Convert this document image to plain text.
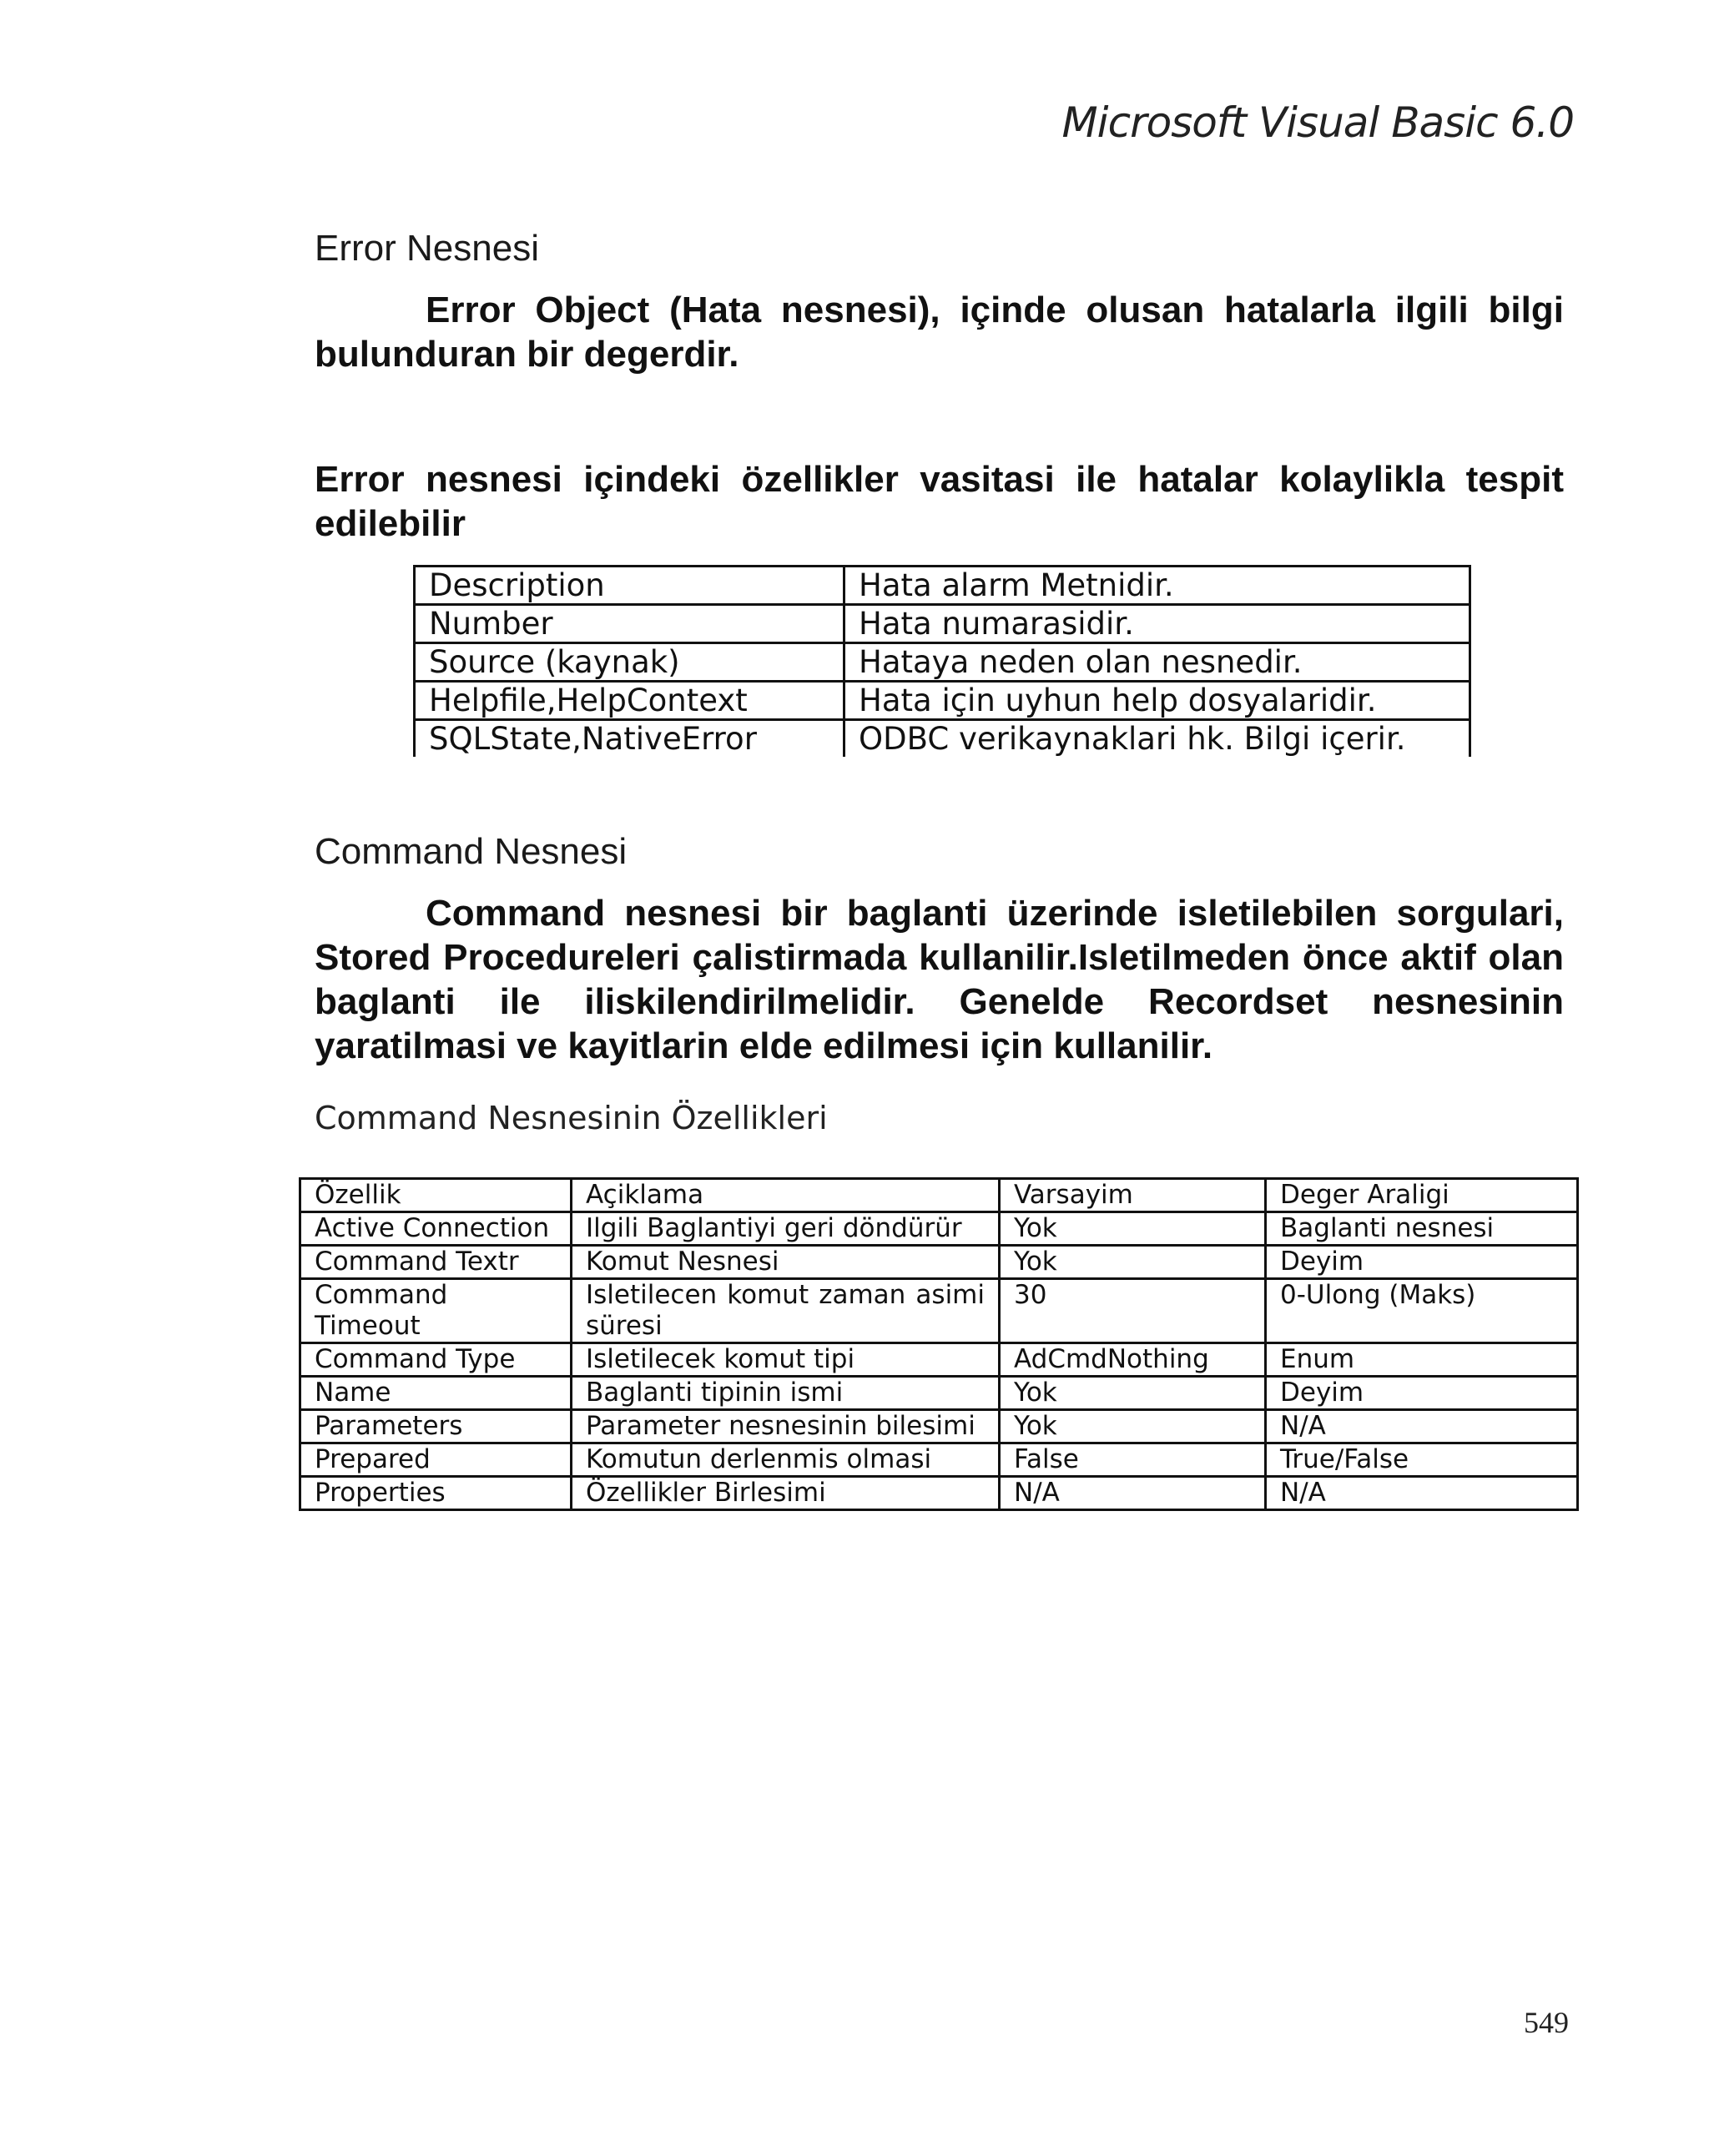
Microsoft Visual Basic 6.0
Error Nesnesi
Error Object (Hata nesnesi), içinde olusan hatalarla ilgili bilgi bulunduran bir degerdir.
Error nesnesi içindeki özellikler vasitasi ile hatalar kolaylikla tespit edilebilir
Description	Hata alarm Metnidir.
Number	Hata numarasidir.
Source (kaynak)	Hataya neden olan nesnedir.
Helpfile,HelpContext	Hata için uyhun help dosyalaridir.
SQLState,NativeError	ODBC verikaynaklari hk. Bilgi içerir.
Command Nesnesi
Command nesnesi bir baglanti üzerinde isletilebilen sorgulari, Stored Procedureleri çalistirmada kullanilir.Isletilmeden önce aktif olan baglanti ile iliskilendirilmelidir. Genelde Recordset nesnesinin yaratilmasi ve kayitlarin elde edilmesi için kullanilir.
Command Nesnesinin Özellikleri
Özellik	Açiklama	Varsayim	Deger Araligi
Active Connection	Ilgili Baglantiyi geri döndürür	Yok	Baglanti nesnesi
Command Textr	Komut Nesnesi	Yok	Deyim
Command Timeout	Isletilecen komut zaman asimi süresi	30	0-Ulong (Maks)
Command Type	Isletilecek komut tipi	AdCmdNothing	Enum
Name	Baglanti tipinin ismi	Yok	Deyim
Parameters	Parameter nesnesinin bilesimi	Yok	N/A
Prepared	Komutun derlenmis olmasi	False	True/False
Properties	Özellikler Birlesimi	N/A	N/A
549
